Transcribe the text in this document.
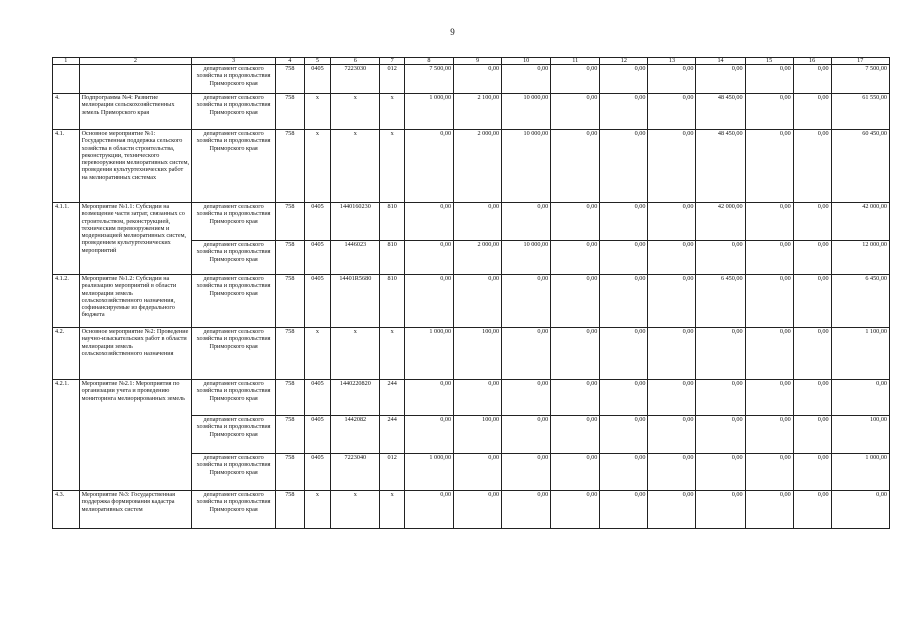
9
1	2	3	4	5	6	7	8	9	10	11	12	13	14	15	16	17
		департамент сельского хозяйства и продовольствия Приморского края	758	0405	7223030	012	7 500,00	0,00	0,00	0,00	0,00	0,00	0,00	0,00	0,00	7 500,00
4.	Подпрограмма №4: Развитие мелиорации сельскохозяйственных земель Приморского края	департамент сельского хозяйства и продовольствия Приморского края	758	х	х	х	1 000,00	2 100,00	10 000,00	0,00	0,00	0,00	48 450,00	0,00	0,00	61 550,00
4.1.	Основное мероприятие №1: Государственная поддержка сельского хозяйства в области строительства, реконструкции, технического перевооружения мелиоративных систем, проведения культуртехнических работ на мелиоративных системах	департамент сельского хозяйства и продовольствия Приморского края	758	х	х	х	0,00	2 000,00	10 000,00	0,00	0,00	0,00	48 450,00	0,00	0,00	60 450,00
4.1.1.	Мероприятие №1.1: Субсидии на возмещение части затрат, связанных со строительством, реконструкцией, техническим перевооружением и модернизацией мелиоративных систем, проведением культуртехнических мероприятий	департамент сельского хозяйства и продовольствия Приморского края	758	0405	1440160230	810	0,00	0,00	0,00	0,00	0,00	0,00	42 000,00	0,00	0,00	42 000,00
		департамент сельского хозяйства и продовольствия Приморского края	758	0405	1446023	810	0,00	2 000,00	10 000,00	0,00	0,00	0,00	0,00	0,00	0,00	12 000,00
4.1.2.	Мероприятие №1.2: Субсидии на реализацию мероприятий в области мелиорации земель сельскохозяйственного назначения, софинансируемые из федерального бюджета	департамент сельского хозяйства и продовольствия Приморского края	758	0405	14401R5680	810	0,00	0,00	0,00	0,00	0,00	0,00	6 450,00	0,00	0,00	6 450,00
4.2.	Основное мероприятие №2: Проведение научно-изыскательских работ в области мелиорации земель сельскохозяйственного назначения	департамент сельского хозяйства и продовольствия Приморского края	758	х	х	х	1 000,00	100,00	0,00	0,00	0,00	0,00	0,00	0,00	0,00	1 100,00
4.2.1.	Мероприятие №2.1: Мероприятия по организации учета и проведению мониторинга мелиорированных земель	департамент сельского хозяйства и продовольствия Приморского края	758	0405	1440220820	244	0,00	0,00	0,00	0,00	0,00	0,00	0,00	0,00	0,00	0,00
		департамент сельского хозяйства и продовольствия Приморского края	758	0405	1442082	244	0,00	100,00	0,00	0,00	0,00	0,00	0,00	0,00	0,00	100,00
		департамент сельского хозяйства и продовольствия Приморского края	758	0405	7223040	012	1 000,00	0,00	0,00	0,00	0,00	0,00	0,00	0,00	0,00	1 000,00
4.3.	Мероприятие №3: Государственная поддержка формирования кадастра мелиоративных систем	департамент сельского хозяйства и продовольствия Приморского края	758	х	х	х	0,00	0,00	0,00	0,00	0,00	0,00	0,00	0,00	0,00	0,00
